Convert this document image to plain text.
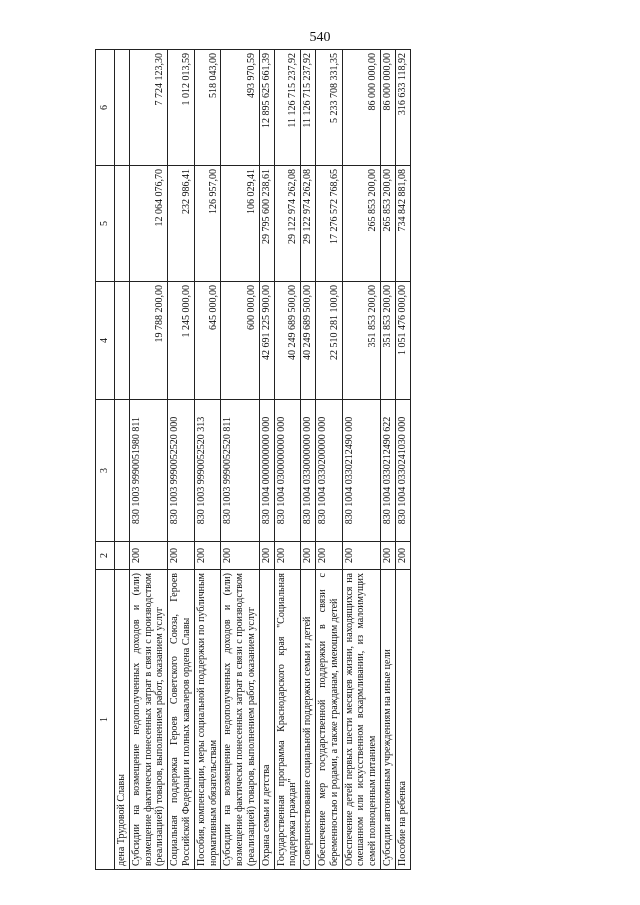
540
1	2	3	4	5	6
дена Трудовой Славы					
Субсидии на возмещение недополученных доходов и (или) возмещение фактически понесенных затрат в связи с производством (реализацией) товаров, выполнением работ, оказанием услуг	200	830 1003 9990051980 811	19 788 200,00	12 064 076,70	7 724 123,30
Социальная поддержка Героев Советского Союза, Героев Российской Федерации и полных кавалеров ордена Славы	200	830 1003 9990052520 000	1 245 000,00	232 986,41	1 012 013,59
Пособия, компенсации, меры социальной поддержки по публичным нормативным обязательствам	200	830 1003 9990052520 313	645 000,00	126 957,00	518 043,00
Субсидии на возмещение недополученных доходов и (или) возмещение фактически понесенных затрат в связи с производством (реализацией) товаров, выполнением работ, оказанием услуг	200	830 1003 9990052520 811	600 000,00	106 029,41	493 970,59
Охрана семьи и детства	200	830 1004 0000000000 000	42 691 225 900,00	29 795 600 238,61	12 895 625 661,39
Государственная программа Краснодарского края "Социальная поддержка граждан"	200	830 1004 0300000000 000	40 249 689 500,00	29 122 974 262,08	11 126 715 237,92
Совершенствование социальной поддержки семьи и детей	200	830 1004 0330000000 000	40 249 689 500,00	29 122 974 262,08	11 126 715 237,92
Обеспечение мер государственной поддержки в связи с беременностью и родами, а также гражданам, имеющим детей	200	830 1004 0330200000 000	22 510 281 100,00	17 276 572 768,65	5 233 708 331,35
Обеспечение детей первых шести месяцев жизни, находящихся на смешанном или искусственном вскармливании, из малоимущих семей полноценным питанием	200	830 1004 0330212490 000	351 853 200,00	265 853 200,00	86 000 000,00
Субсидии автономным учреждениям на иные цели	200	830 1004 0330212490 622	351 853 200,00	265 853 200,00	86 000 000,00
Пособие на ребенка	200	830 1004 0330241030 000	1 051 476 000,00	734 842 881,08	316 633 118,92
